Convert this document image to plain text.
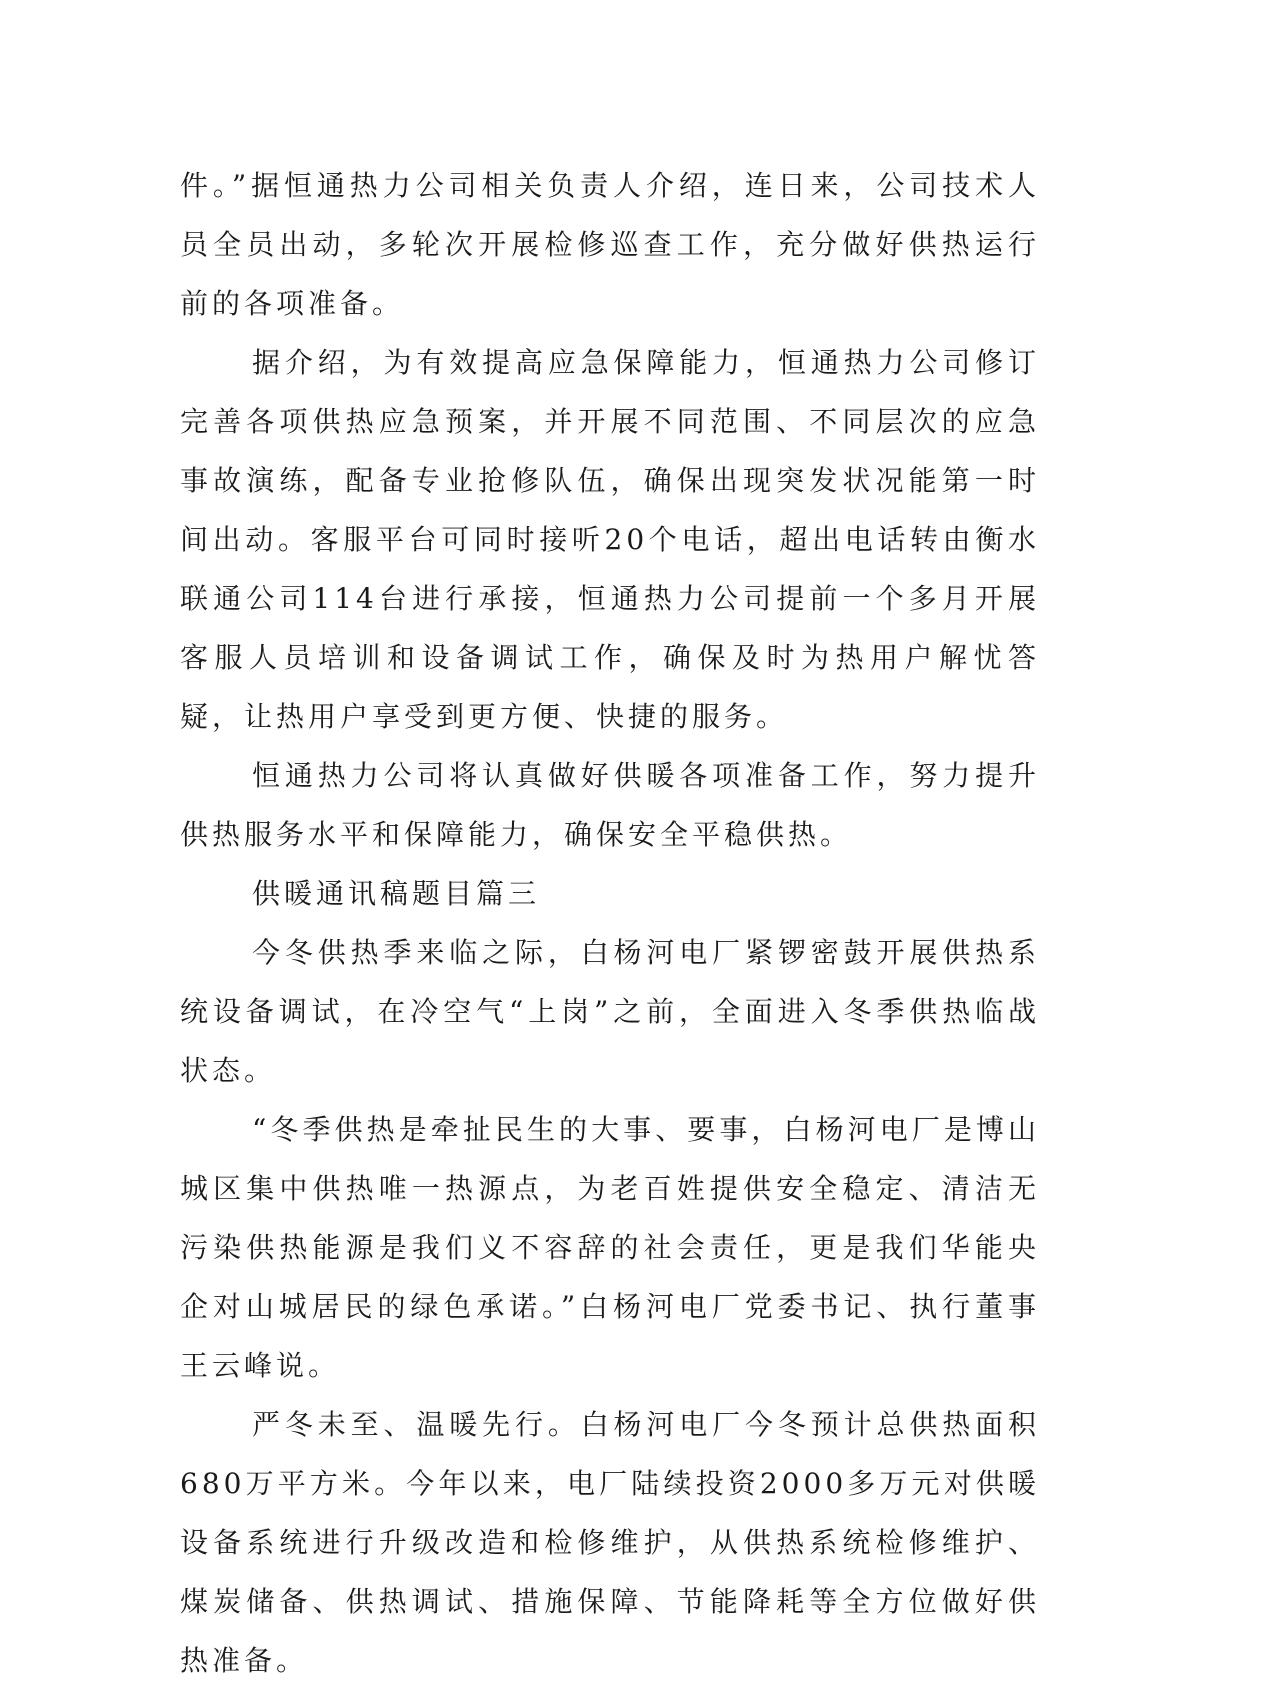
件。”据恒通热力公司相关负责人介绍，连日来，公司技术人员全员出动，多轮次开展检修巡查工作，充分做好供热运行前的各项准备。

据介绍，为有效提高应急保障能力，恒通热力公司修订完善各项供热应急预案，并开展不同范围、不同层次的应急事故演练，配备专业抢修队伍，确保出现突发状况能第一时间出动。客服平台可同时接听20个电话，超出电话转由衡水联通公司114台进行承接，恒通热力公司提前一个多月开展客服人员培训和设备调试工作，确保及时为热用户解忧答疑，让热用户享受到更方便、快捷的服务。

恒通热力公司将认真做好供暖各项准备工作，努力提升供热服务水平和保障能力，确保安全平稳供热。

供暖通讯稿题目篇三

今冬供热季来临之际，白杨河电厂紧锣密鼓开展供热系统设备调试，在冷空气“上岗”之前，全面进入冬季供热临战状态。

“冬季供热是牵扯民生的大事、要事，白杨河电厂是博山城区集中供热唯一热源点，为老百姓提供安全稳定、清洁无污染供热能源是我们义不容辞的社会责任，更是我们华能央企对山城居民的绿色承诺。”白杨河电厂党委书记、执行董事王云峰说。

严冬未至、温暖先行。白杨河电厂今冬预计总供热面积680万平方米。今年以来，电厂陆续投资2000多万元对供暖设备系统进行升级改造和检修维护，从供热系统检修维护、煤炭储备、供热调试、措施保障、节能降耗等全方位做好供热准备。
